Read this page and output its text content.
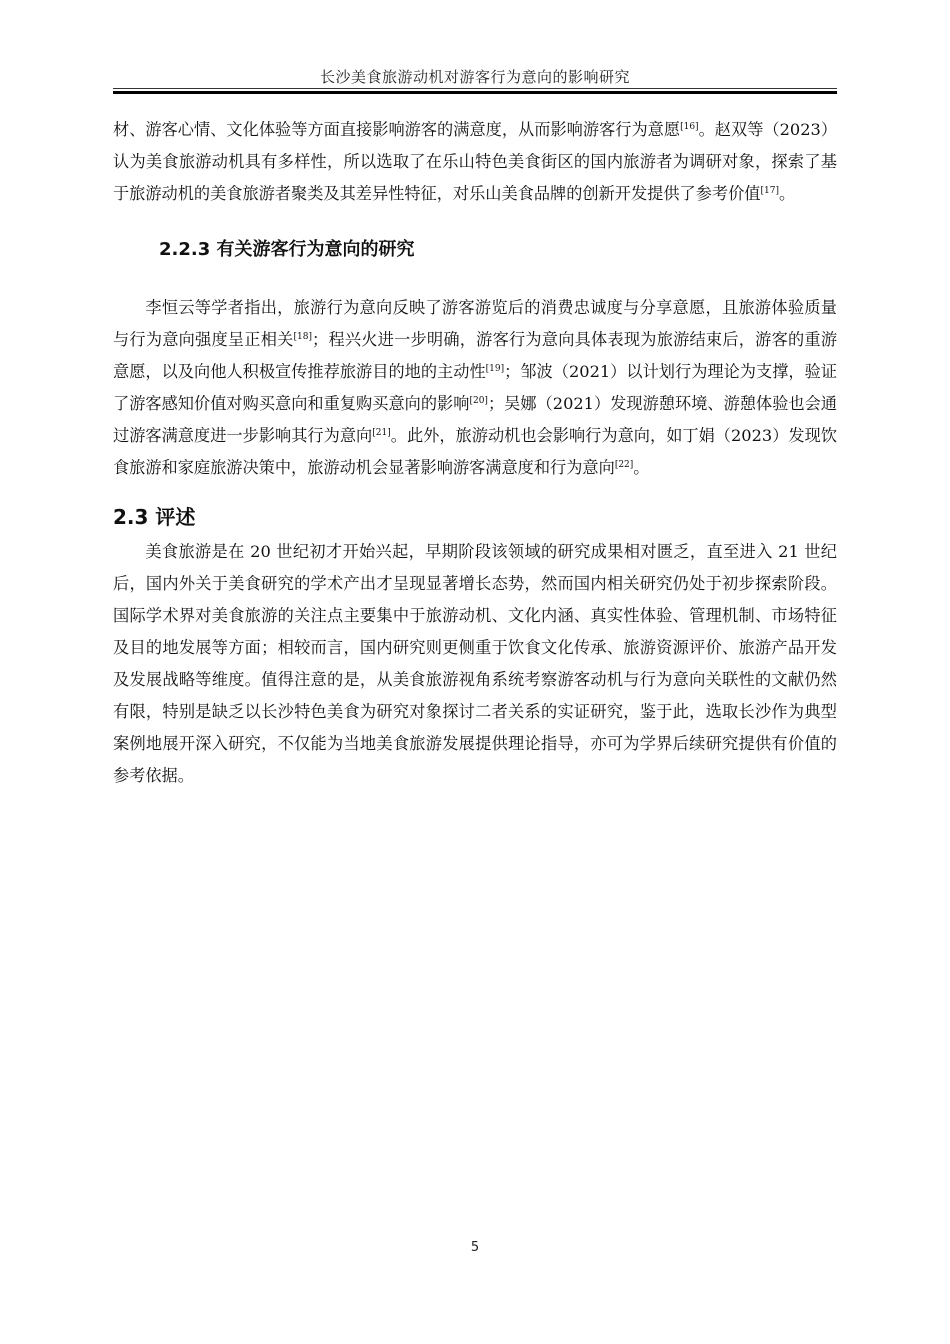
长沙美食旅游动机对游客行为意向的影响研究

材、游客心情、文化体验等方面直接影响游客的满意度，从而影响游客行为意愿[16]。赵双等（2023）认为美食旅游动机具有多样性，所以选取了在乐山特色美食街区的国内旅游者为调研对象，探索了基于旅游动机的美食旅游者聚类及其差异性特征，对乐山美食品牌的创新开发提供了参考价值[17]。

2.2.3 有关游客行为意向的研究

李恒云等学者指出，旅游行为意向反映了游客游览后的消费忠诚度与分享意愿，且旅游体验质量与行为意向强度呈正相关[18]；程兴火进一步明确，游客行为意向具体表现为旅游结束后，游客的重游意愿，以及向他人积极宣传推荐旅游目的地的主动性[19]；邹波（2021）以计划行为理论为支撑，验证了游客感知价值对购买意向和重复购买意向的影响[20]；吴娜（2021）发现游憩环境、游憩体验也会通过游客满意度进一步影响其行为意向[21]。此外，旅游动机也会影响行为意向，如丁娟（2023）发现饮食旅游和家庭旅游决策中，旅游动机会显著影响游客满意度和行为意向[22]。

2.3 评述

美食旅游是在 20 世纪初才开始兴起，早期阶段该领域的研究成果相对匮乏，直至进入 21 世纪后，国内外关于美食研究的学术产出才呈现显著增长态势，然而国内相关研究仍处于初步探索阶段。国际学术界对美食旅游的关注点主要集中于旅游动机、文化内涵、真实性体验、管理机制、市场特征及目的地发展等方面；相较而言，国内研究则更侧重于饮食文化传承、旅游资源评价、旅游产品开发及发展战略等维度。值得注意的是，从美食旅游视角系统考察游客动机与行为意向关联性的文献仍然有限，特别是缺乏以长沙特色美食为研究对象探讨二者关系的实证研究，鉴于此，选取长沙作为典型案例地展开深入研究，不仅能为当地美食旅游发展提供理论指导，亦可为学界后续研究提供有价值的参考依据。

5
